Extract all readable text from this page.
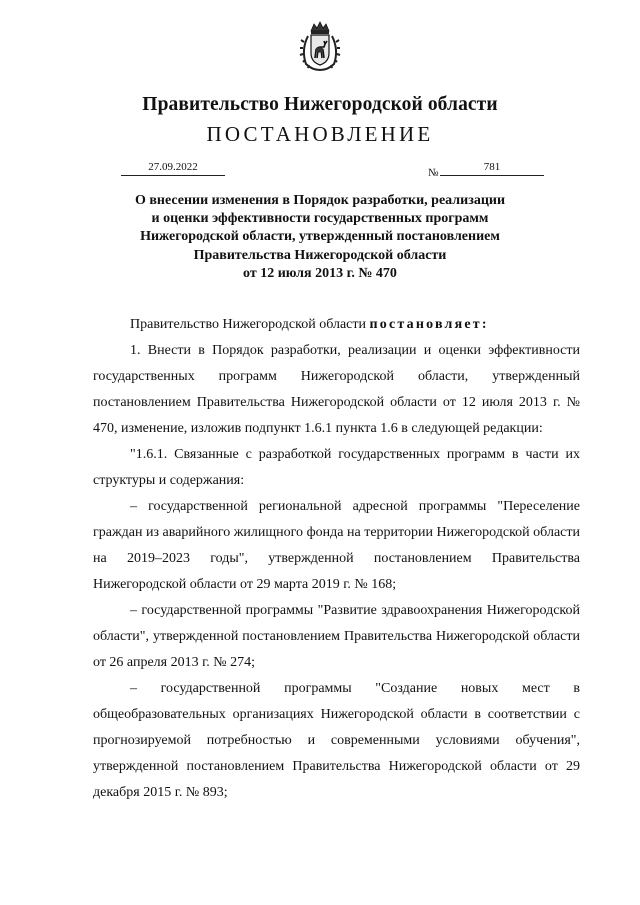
Правительство Нижегородской области
ПОСТАНОВЛЕНИЕ
27.09.2022	№	781
О внесении изменения в Порядок разработки, реализации
и оценки эффективности государственных программ
Нижегородской области, утвержденный постановлением
Правительства Нижегородской области
от 12 июля 2013 г. № 470

Правительство Нижегородской области постановляет:

1. Внести в Порядок разработки, реализации и оценки эффективности государственных программ Нижегородской области, утвержденный постановлением Правительства Нижегородской области от 12 июля 2013 г. № 470, изменение, изложив подпункт 1.6.1 пункта 1.6 в следующей редакции:

"1.6.1. Связанные с разработкой государственных программ в части их структуры и содержания:

– государственной региональной адресной программы "Переселение граждан из аварийного жилищного фонда на территории Нижегородской области на 2019–2023 годы", утвержденной постановлением Правительства Нижегородской области от 29 марта 2019 г. № 168;

– государственной программы "Развитие здравоохранения Нижегородской области", утвержденной постановлением Правительства Нижегородской области от 26 апреля 2013 г. № 274;

– государственной программы "Создание новых мест в общеобразовательных организациях Нижегородской области в соответствии с прогнозируемой потребностью и современными условиями обучения", утвержденной постановлением Правительства Нижегородской области от 29 декабря 2015 г. № 893;
